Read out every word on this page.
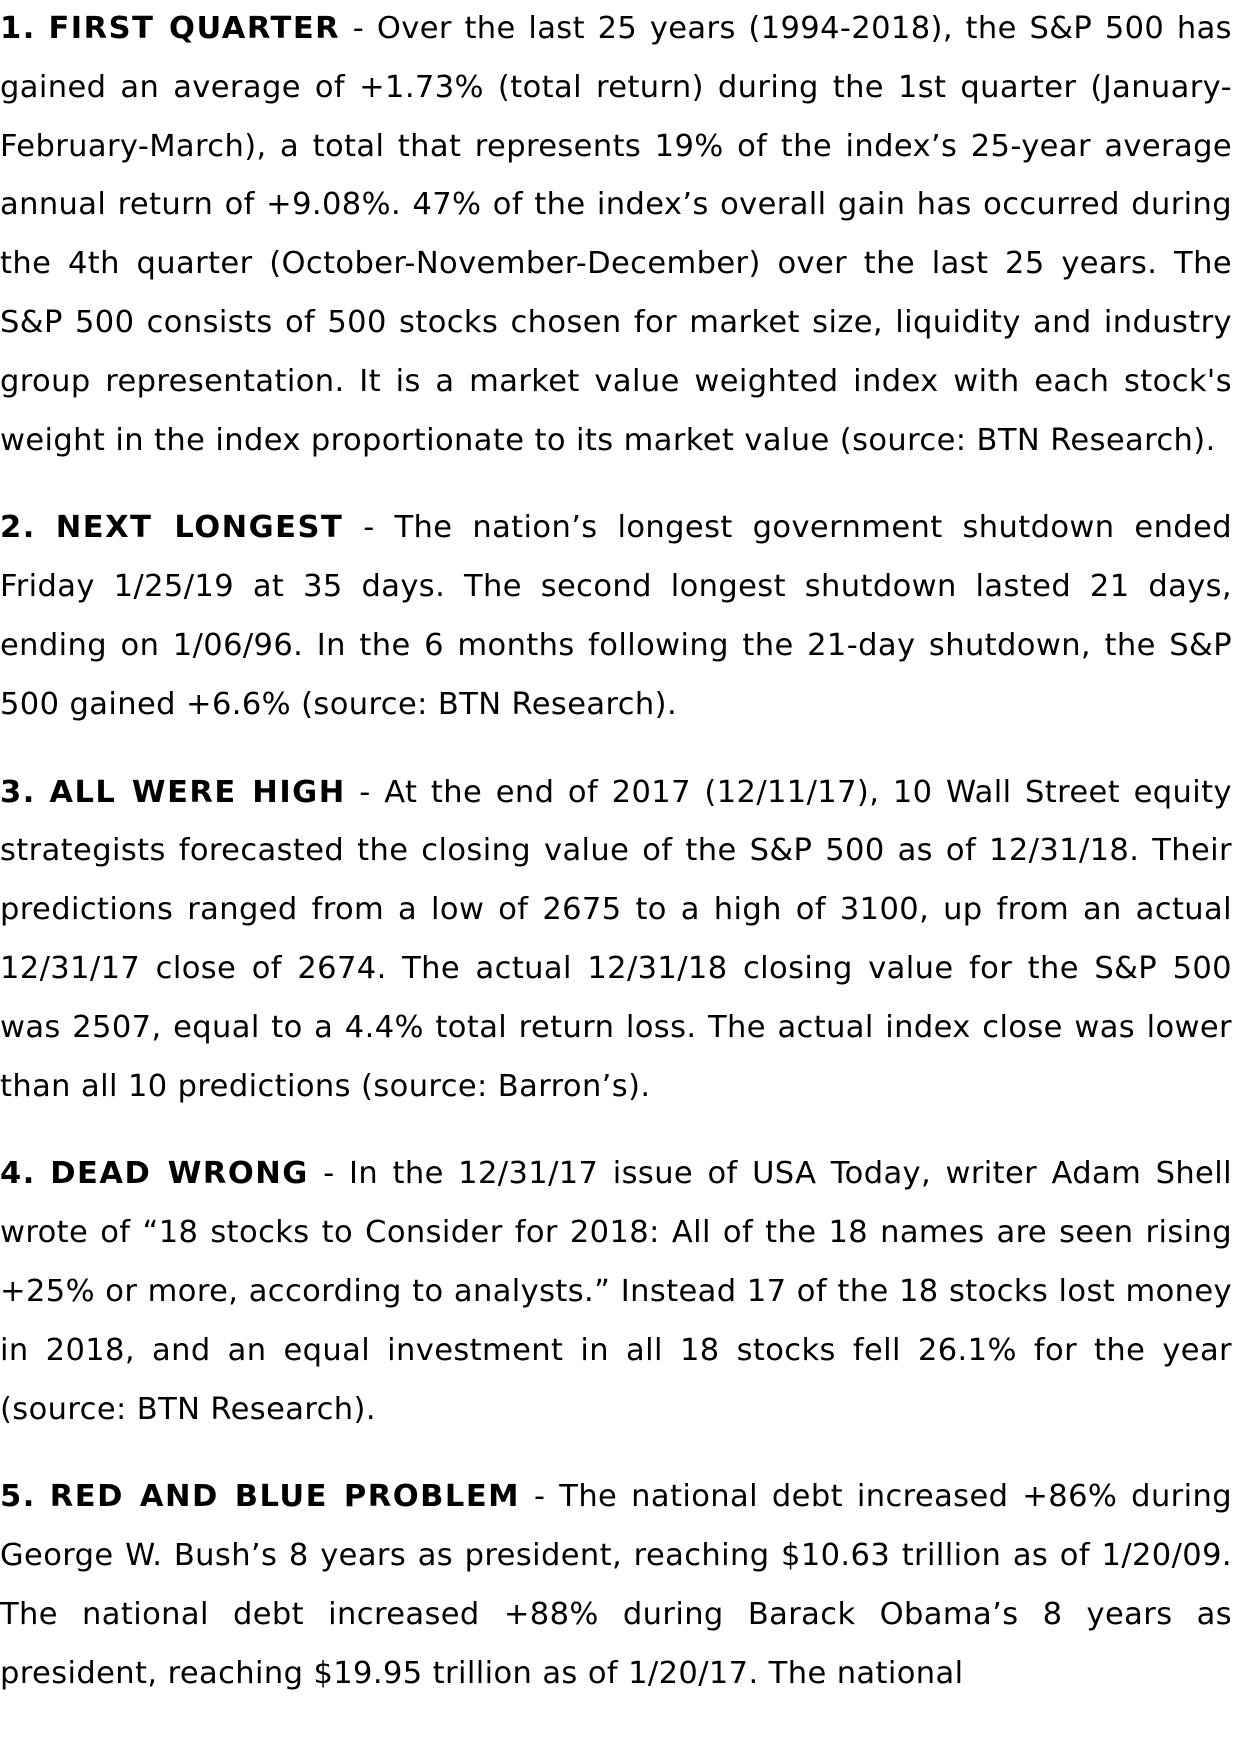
1. FIRST QUARTER - Over the last 25 years (1994-2018), the S&P 500 has gained an average of +1.73% (total return) during the 1st quarter (January-February-March), a total that represents 19% of the index’s 25-year average annual return of +9.08%. 47% of the index’s overall gain has occurred during the 4th quarter (October-November-December) over the last 25 years. The S&P 500 consists of 500 stocks chosen for market size, liquidity and industry group representation. It is a market value weighted index with each stock's weight in the index proportionate to its market value (source: BTN Research).

2. NEXT LONGEST - The nation’s longest government shutdown ended Friday 1/25/19 at 35 days. The second longest shutdown lasted 21 days, ending on 1/06/96. In the 6 months following the 21-day shutdown, the S&P 500 gained +6.6% (source: BTN Research).

3. ALL WERE HIGH - At the end of 2017 (12/11/17), 10 Wall Street equity strategists forecasted the closing value of the S&P 500 as of 12/31/18. Their predictions ranged from a low of 2675 to a high of 3100, up from an actual 12/31/17 close of 2674. The actual 12/31/18 closing value for the S&P 500 was 2507, equal to a 4.4% total return loss. The actual index close was lower than all 10 predictions (source: Barron’s).

4. DEAD WRONG - In the 12/31/17 issue of USA Today, writer Adam Shell wrote of “18 stocks to Consider for 2018: All of the 18 names are seen rising +25% or more, according to analysts.” Instead 17 of the 18 stocks lost money in 2018, and an equal investment in all 18 stocks fell 26.1% for the year (source: BTN Research).

5. RED AND BLUE PROBLEM - The national debt increased +86% during George W. Bush’s 8 years as president, reaching $10.63 trillion as of 1/20/09. The national debt increased +88% during Barack Obama’s 8 years as president, reaching $19.95 trillion as of 1/20/17. The national
